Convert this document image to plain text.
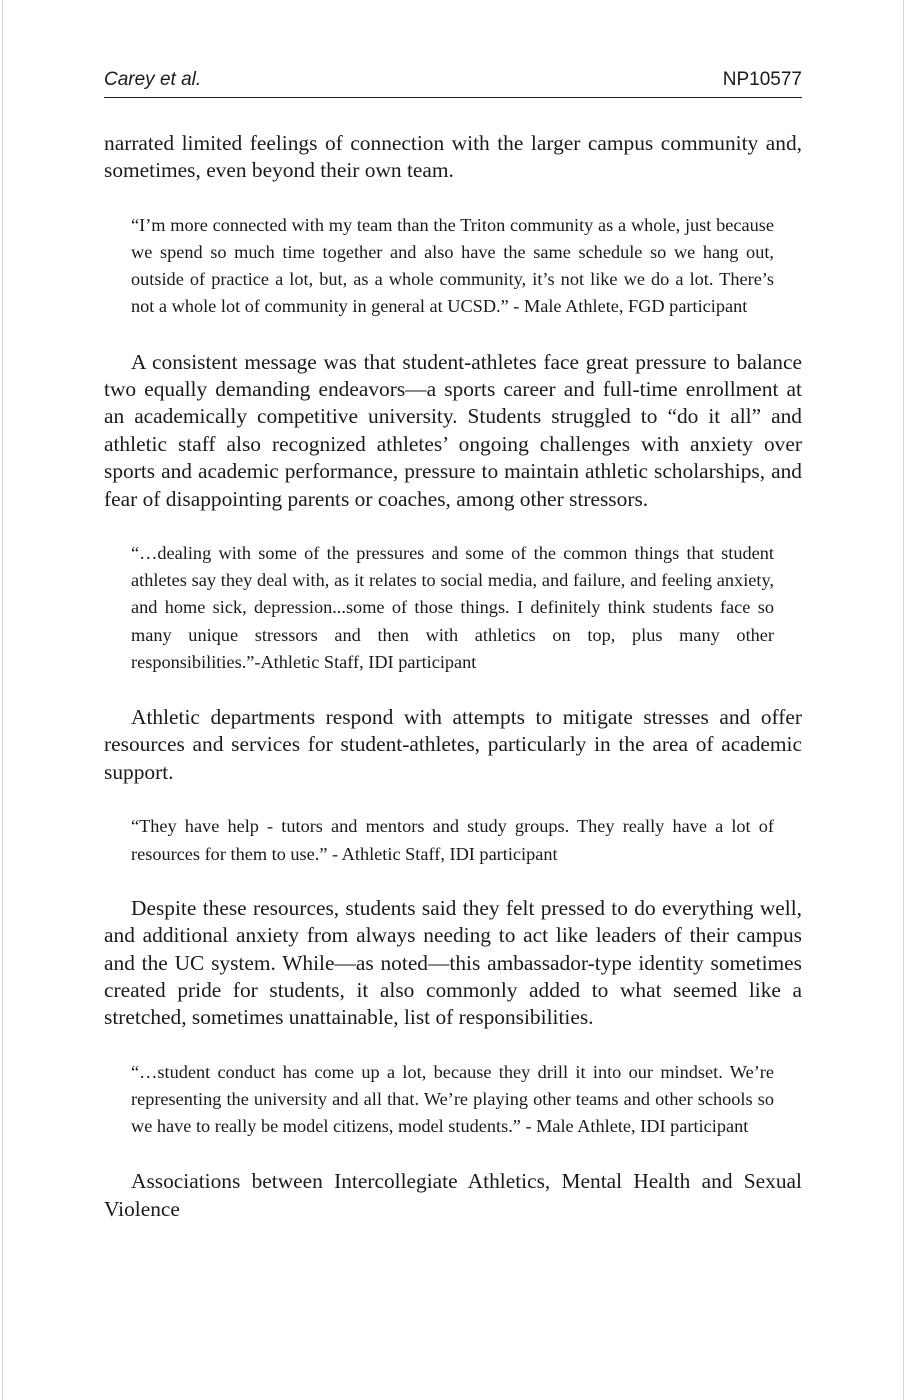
Carey et al.	NP10577

narrated limited feelings of connection with the larger campus community and, sometimes, even beyond their own team.

“I’m more connected with my team than the Triton community as a whole, just because we spend so much time together and also have the same schedule so we hang out, outside of practice a lot, but, as a whole community, it’s not like we do a lot. There’s not a whole lot of community in general at UCSD.” - Male Athlete, FGD participant

A consistent message was that student-athletes face great pressure to balance two equally demanding endeavors—a sports career and full-time enrollment at an academically competitive university. Students struggled to “do it all” and athletic staff also recognized athletes’ ongoing challenges with anxiety over sports and academic performance, pressure to maintain athletic scholarships, and fear of disappointing parents or coaches, among other stressors.

“…dealing with some of the pressures and some of the common things that student athletes say they deal with, as it relates to social media, and failure, and feeling anxiety, and home sick, depression...some of those things. I definitely think students face so many unique stressors and then with athletics on top, plus many other responsibilities.”-Athletic Staff, IDI participant

Athletic departments respond with attempts to mitigate stresses and offer resources and services for student-athletes, particularly in the area of academic support.

“They have help - tutors and mentors and study groups. They really have a lot of resources for them to use.” - Athletic Staff, IDI participant

Despite these resources, students said they felt pressed to do everything well, and additional anxiety from always needing to act like leaders of their campus and the UC system. While—as noted—this ambassador-type identity sometimes created pride for students, it also commonly added to what seemed like a stretched, sometimes unattainable, list of responsibilities.

“…student conduct has come up a lot, because they drill it into our mindset. We’re representing the university and all that. We’re playing other teams and other schools so we have to really be model citizens, model students.” - Male Athlete, IDI participant

Associations between Intercollegiate Athletics, Mental Health and Sexual Violence
